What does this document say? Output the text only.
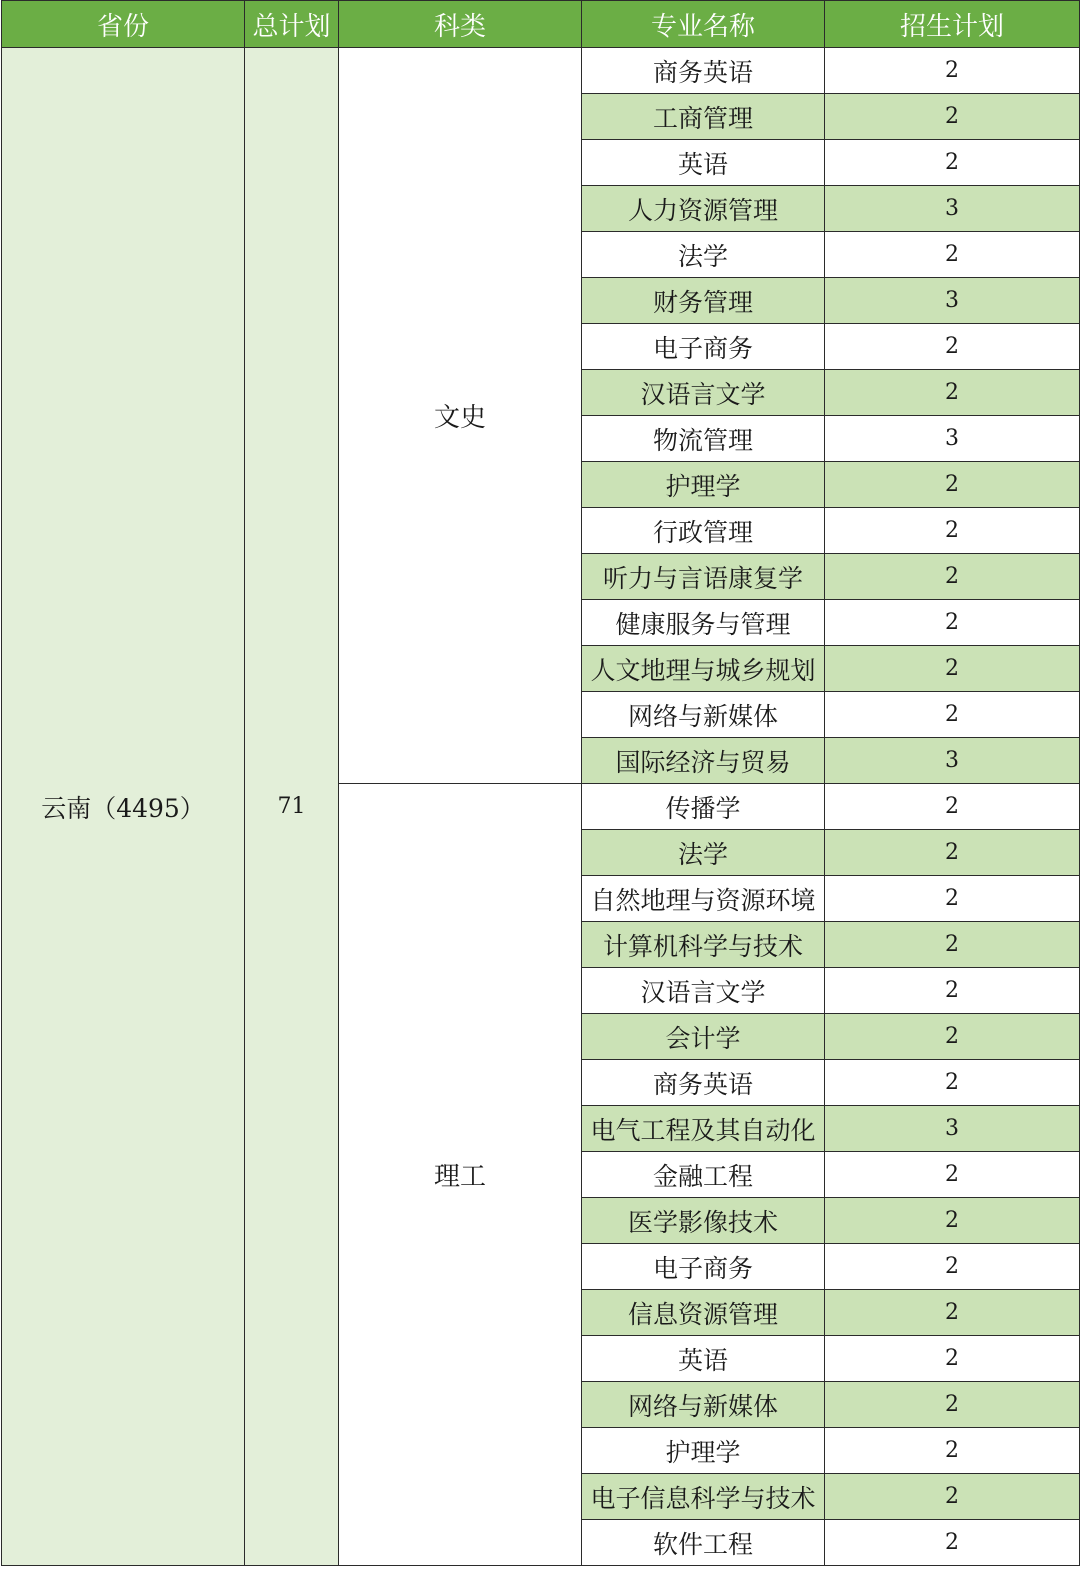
省份	总计划	科类	专业名称	招生计划
云南（4495）	71	文史	商务英语	2
			工商管理	2
			英语	2
			人力资源管理	3
			法学	2
			财务管理	3
			电子商务	2
			汉语言文学	2
			物流管理	3
			护理学	2
			行政管理	2
			听力与言语康复学	2
			健康服务与管理	2
			人文地理与城乡规划	2
			网络与新媒体	2
			国际经济与贸易	3
		理工	传播学	2
			法学	2
			自然地理与资源环境	2
			计算机科学与技术	2
			汉语言文学	2
			会计学	2
			商务英语	2
			电气工程及其自动化	3
			金融工程	2
			医学影像技术	2
			电子商务	2
			信息资源管理	2
			英语	2
			网络与新媒体	2
			护理学	2
			电子信息科学与技术	2
			软件工程	2
